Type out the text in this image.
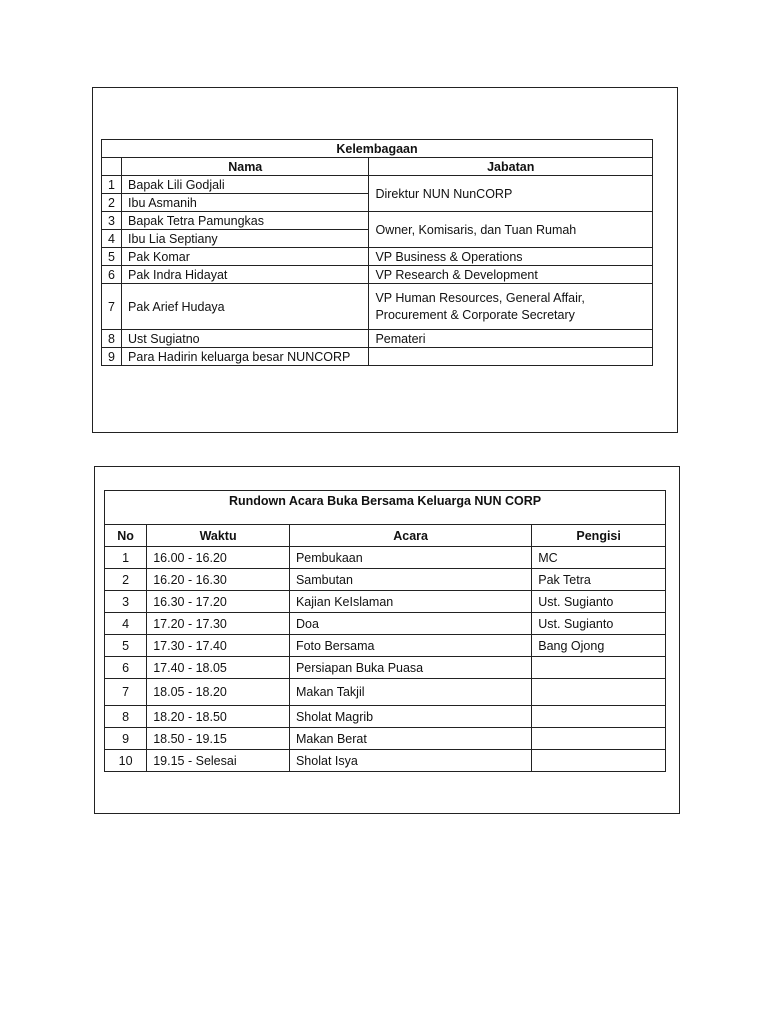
Kelembagaan		
	Nama	Jabatan
1	Bapak Lili Godjali	Direktur NUN NunCORP
2	Ibu Asmanih	
3	Bapak Tetra Pamungkas	Owner, Komisaris, dan Tuan Rumah
4	Ibu Lia Septiany	
5	Pak Komar	VP Business & Operations
6	Pak Indra Hidayat	VP Research & Development
7	Pak Arief Hudaya	VP Human Resources, General Affair,
Procurement & Corporate Secretary

8	Ust Sugiatno	Pemateri
9	Para Hadirin keluarga besar NUNCORP	
Rundown Acara Buka Bersama Keluarga NUN CORP			
No	Waktu	Acara	Pengisi
1	16.00 - 16.20	Pembukaan	MC
2	16.20 - 16.30	Sambutan	Pak Tetra
3	16.30 - 17.20	Kajian KeIslaman	Ust. Sugianto
4	17.20 - 17.30	Doa	Ust. Sugianto
5	17.30 - 17.40	Foto Bersama	Bang Ojong
6	17.40 - 18.05	Persiapan Buka Puasa	
7	18.05 - 18.20	Makan Takjil	
8	18.20 - 18.50	Sholat Magrib	
9	18.50 - 19.15	Makan Berat	
10	19.15 - Selesai	Sholat Isya	
